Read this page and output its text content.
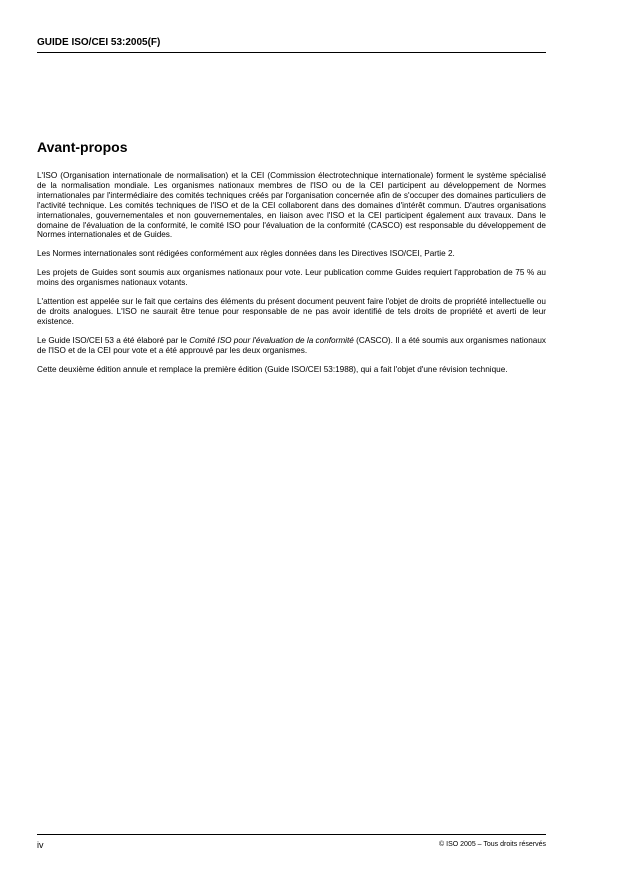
GUIDE ISO/CEI 53:2005(F)
Avant-propos

L'ISO (Organisation internationale de normalisation) et la CEI (Commission électrotechnique internationale) forment le système spécialisé de la normalisation mondiale. Les organismes nationaux membres de l'ISO ou de la CEI participent au développement de Normes internationales par l'intermédiaire des comités techniques créés par l'organisation concernée afin de s'occuper des domaines particuliers de l'activité technique. Les comités techniques de l'ISO et de la CEI collaborent dans des domaines d'intérêt commun. D'autres organisations internationales, gouvernementales et non gouvernementales, en liaison avec l'ISO et la CEI participent également aux travaux. Dans le domaine de l'évaluation de la conformité, le comité ISO pour l'évaluation de la conformité (CASCO) est responsable du développement de Normes internationales et de Guides.

Les Normes internationales sont rédigées conformément aux règles données dans les Directives ISO/CEI, Partie 2.

Les projets de Guides sont soumis aux organismes nationaux pour vote. Leur publication comme Guides requiert l'approbation de 75 % au moins des organismes nationaux votants.

L'attention est appelée sur le fait que certains des éléments du présent document peuvent faire l'objet de droits de propriété intellectuelle ou de droits analogues. L'ISO ne saurait être tenue pour responsable de ne pas avoir identifié de tels droits de propriété et averti de leur existence.

Le Guide ISO/CEI 53 a été élaboré par le Comité ISO pour l'évaluation de la conformité (CASCO). Il a été soumis aux organismes nationaux de l'ISO et de la CEI pour vote et a été approuvé par les deux organismes.

Cette deuxième édition annule et remplace la première édition (Guide ISO/CEI 53:1988), qui a fait l'objet d'une révision technique.

iv	© ISO 2005 – Tous droits réservés
